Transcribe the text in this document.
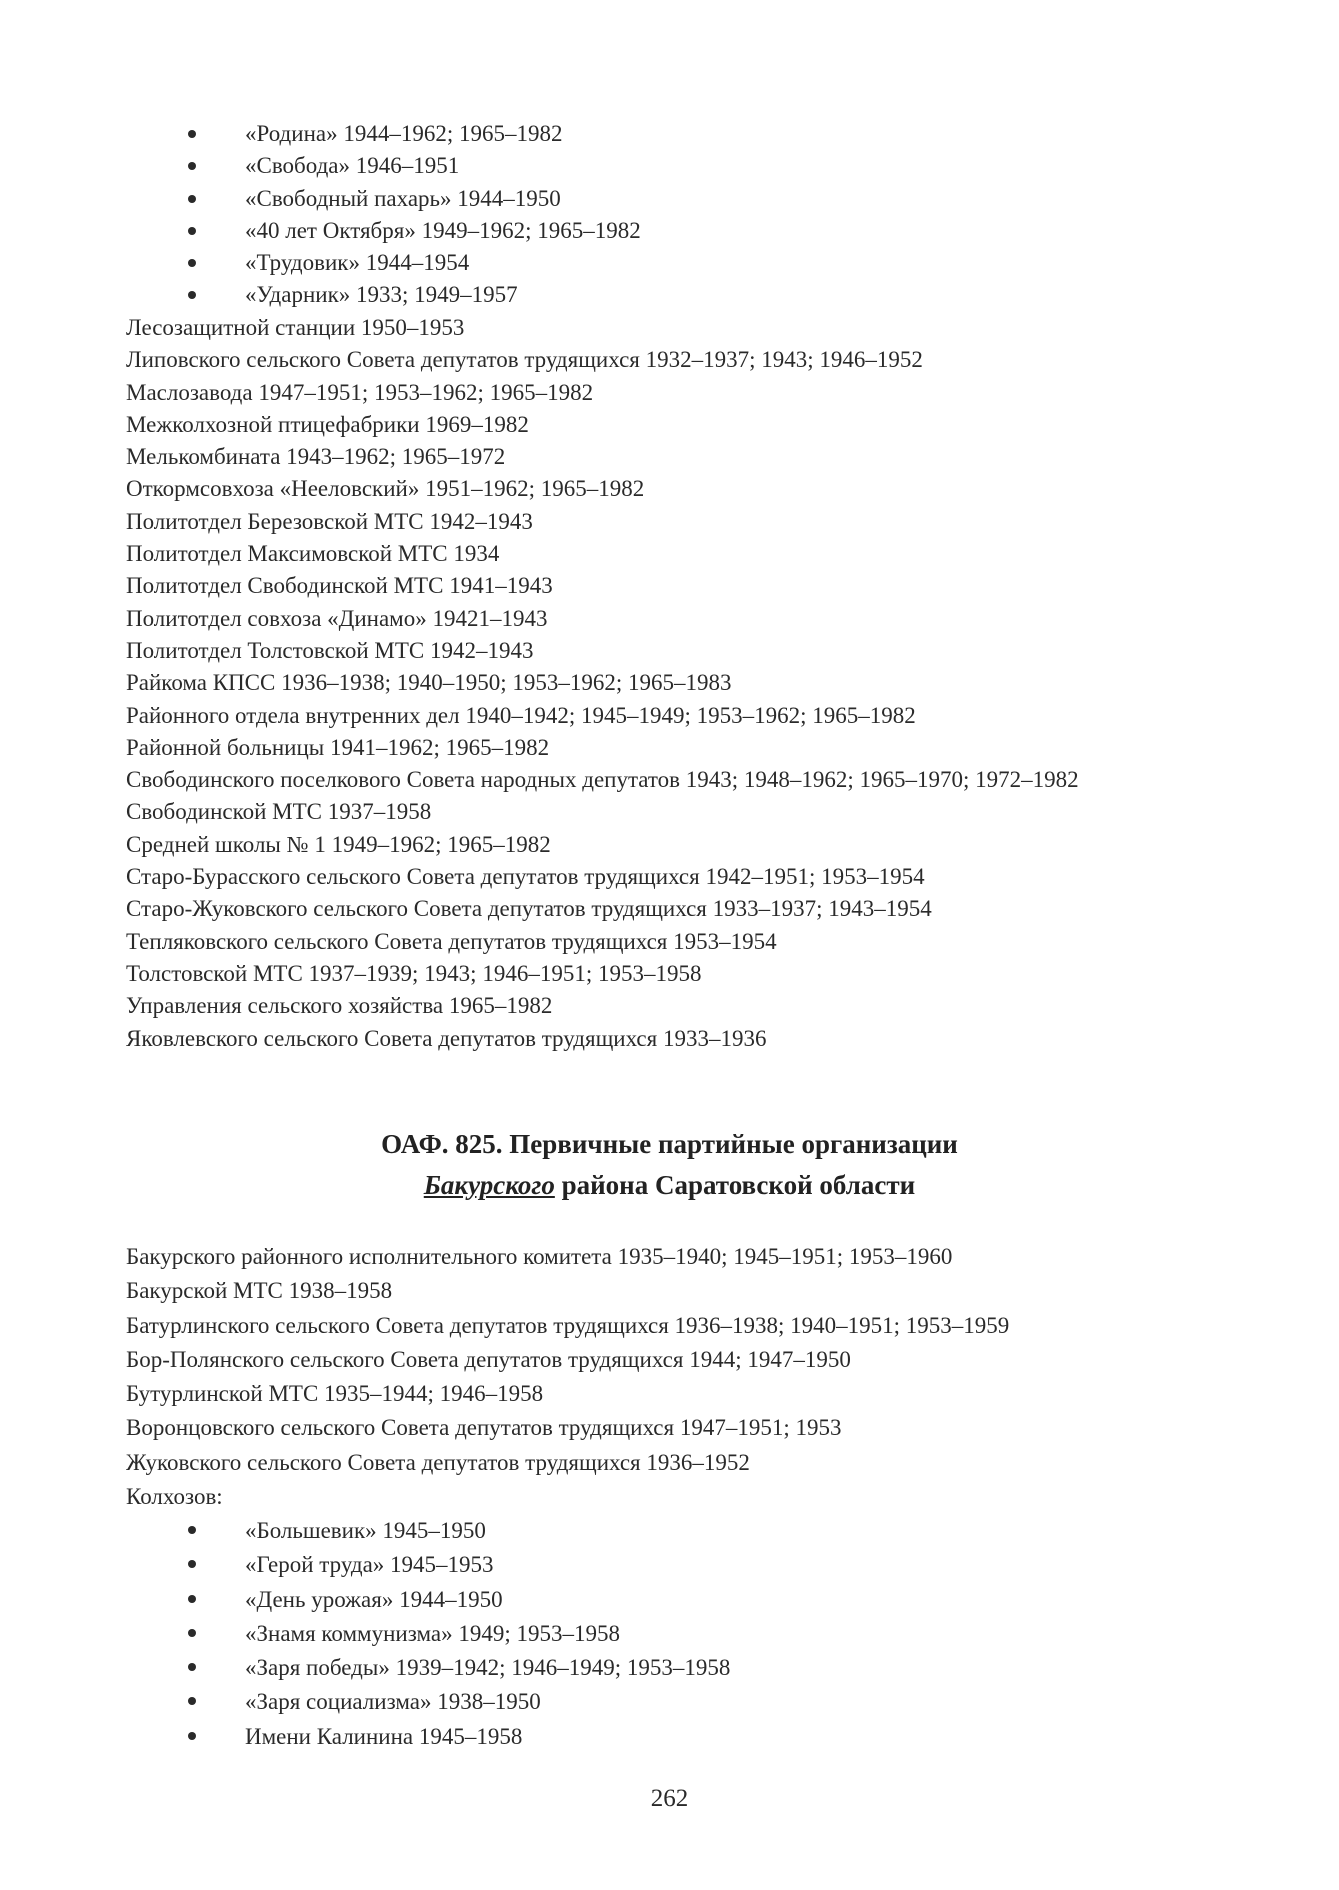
«Родина» 1944–1962; 1965–1982
«Свобода» 1946–1951
«Свободный пахарь» 1944–1950
«40 лет Октября» 1949–1962; 1965–1982
«Трудовик» 1944–1954
«Ударник» 1933; 1949–1957
Лесозащитной станции 1950–1953
Липовского сельского Совета депутатов трудящихся 1932–1937; 1943; 1946–1952
Маслозавода 1947–1951; 1953–1962; 1965–1982
Межколхозной птицефабрики 1969–1982
Мелькомбината 1943–1962; 1965–1972
Откормсовхоза «Нееловский» 1951–1962; 1965–1982
Политотдел Березовской МТС 1942–1943
Политотдел Максимовской МТС 1934
Политотдел Свободинской МТС 1941–1943
Политотдел совхоза «Динамо» 19421–1943
Политотдел Толстовской МТС 1942–1943
Райкома КПСС 1936–1938; 1940–1950; 1953–1962; 1965–1983
Районного отдела внутренних дел 1940–1942; 1945–1949; 1953–1962; 1965–1982
Районной больницы 1941–1962; 1965–1982
Свободинского поселкового Совета народных депутатов 1943; 1948–1962; 1965–1970; 1972–1982
Свободинской МТС 1937–1958
Средней школы № 1 1949–1962; 1965–1982
Старо-Бурасского сельского Совета депутатов трудящихся 1942–1951; 1953–1954
Старо-Жуковского сельского Совета депутатов трудящихся 1933–1937; 1943–1954
Тепляковского сельского Совета депутатов трудящихся 1953–1954
Толстовской МТС 1937–1939; 1943; 1946–1951; 1953–1958
Управления сельского хозяйства 1965–1982
Яковлевского сельского Совета депутатов трудящихся 1933–1936
ОАФ. 825. Первичные партийные организации
Бакурского района Саратовской области
Бакурского районного исполнительного комитета 1935–1940; 1945–1951; 1953–1960
Бакурской МТС 1938–1958
Батурлинского сельского Совета депутатов трудящихся 1936–1938; 1940–1951; 1953–1959
Бор-Полянского сельского Совета депутатов трудящихся 1944; 1947–1950
Бутурлинской МТС 1935–1944; 1946–1958
Воронцовского сельского Совета депутатов трудящихся 1947–1951; 1953
Жуковского сельского Совета депутатов трудящихся 1936–1952
Колхозов:
«Большевик» 1945–1950
«Герой труда» 1945–1953
«День урожая» 1944–1950
«Знамя коммунизма» 1949; 1953–1958
«Заря победы» 1939–1942; 1946–1949; 1953–1958
«Заря социализма» 1938–1950
Имени Калинина 1945–1958
262
